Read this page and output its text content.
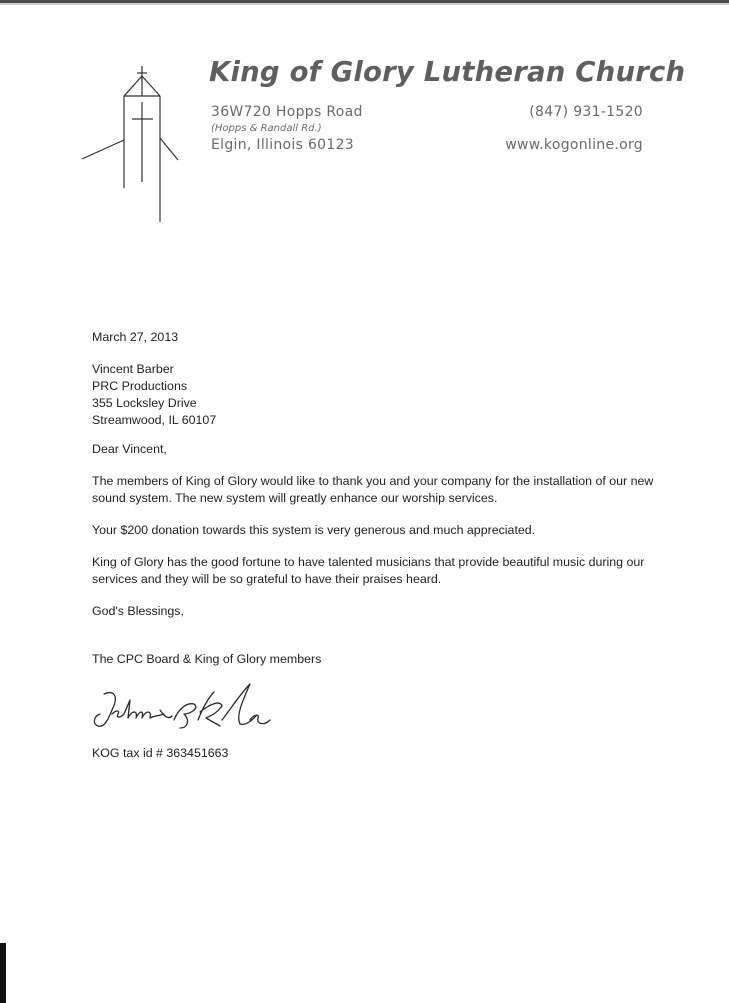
King of Glory Lutheran Church
36W720 Hopps Road
(Hopps & Randall Rd.)
Elgin, Illinois 60123
(847) 931-1520
www.kogonline.org
March 27, 2013
Vincent Barber
PRC Productions
355 Locksley Drive
Streamwood, IL 60107
Dear Vincent,
The members of King of Glory would like to thank you and your company for the installation of our new sound system. The new system will greatly enhance our worship services.
Your $200 donation towards this system is very generous and much appreciated.
King of Glory has the good fortune to have talented musicians that provide beautiful music during our services and they will be so grateful to have their praises heard.
God's Blessings,
The CPC Board & King of Glory members
KOG tax id # 363451663
